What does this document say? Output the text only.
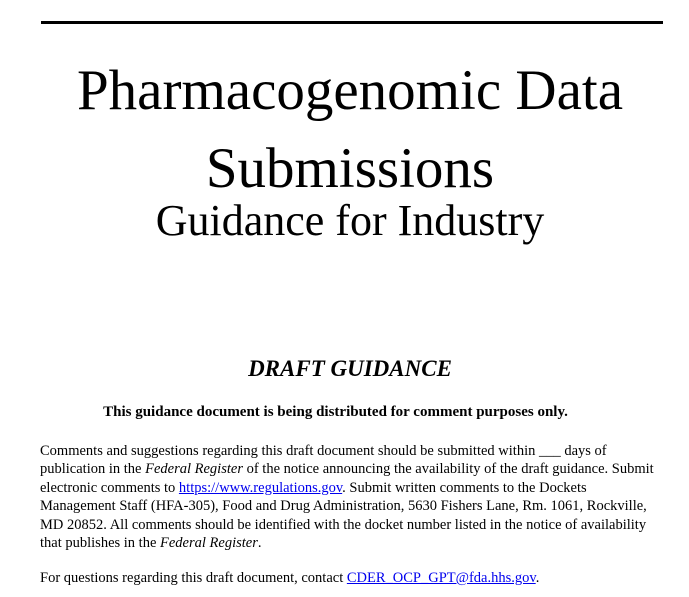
Pharmacogenomic Data
Submissions
Guidance for Industry
DRAFT GUIDANCE
This guidance document is being distributed for comment purposes only.

Comments and suggestions regarding this draft document should be submitted within ___ days of publication in the Federal Register of the notice announcing the availability of the draft guidance. Submit electronic comments to https://www.regulations.gov. Submit written comments to the Dockets Management Staff (HFA-305), Food and Drug Administration, 5630 Fishers Lane, Rm. 1061, Rockville, MD 20852. All comments should be identified with the docket number listed in the notice of availability that publishes in the Federal Register.

For questions regarding this draft document, contact CDER_OCP_GPT@fda.hhs.gov.
